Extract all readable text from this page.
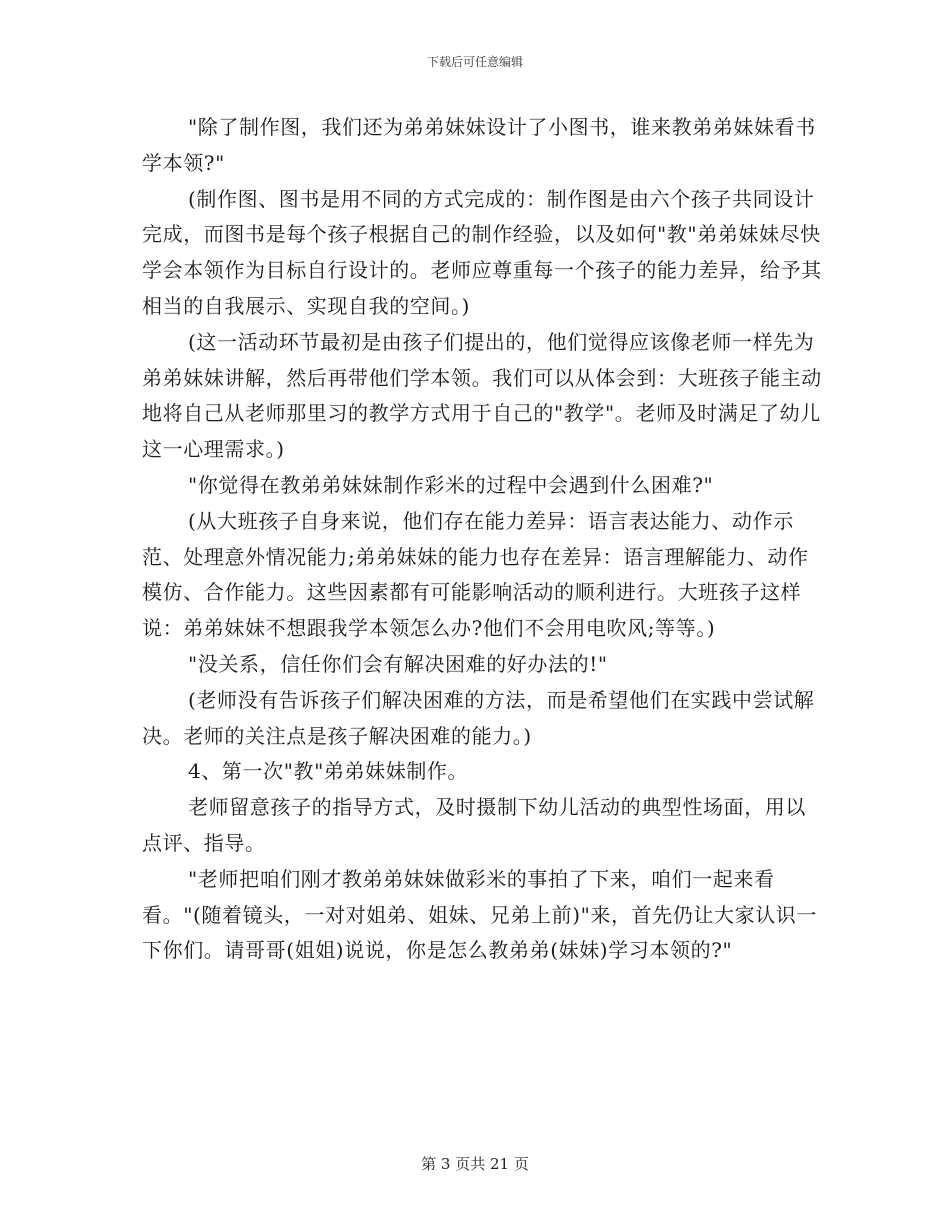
下载后可任意编辑

"除了制作图，我们还为弟弟妹妹设计了小图书，谁来教弟弟妹妹看书学本领?"

(制作图、图书是用不同的方式完成的：制作图是由六个孩子共同设计完成，而图书是每个孩子根据自己的制作经验，以及如何"教"弟弟妹妹尽快学会本领作为目标自行设计的。老师应尊重每一个孩子的能力差异，给予其相当的自我展示、实现自我的空间。)

(这一活动环节最初是由孩子们提出的，他们觉得应该像老师一样先为弟弟妹妹讲解，然后再带他们学本领。我们可以从体会到：大班孩子能主动地将自己从老师那里习的教学方式用于自己的"教学"。老师及时满足了幼儿这一心理需求。)

"你觉得在教弟弟妹妹制作彩米的过程中会遇到什么困难?"

(从大班孩子自身来说，他们存在能力差异：语言表达能力、动作示范、处理意外情况能力;弟弟妹妹的能力也存在差异：语言理解能力、动作模仿、合作能力。这些因素都有可能影响活动的顺利进行。大班孩子这样说：弟弟妹妹不想跟我学本领怎么办?他们不会用电吹风;等等。)

"没关系，信任你们会有解决困难的好办法的!"

(老师没有告诉孩子们解决困难的方法，而是希望他们在实践中尝试解决。老师的关注点是孩子解决困难的能力。)

4、第一次"教"弟弟妹妹制作。

老师留意孩子的指导方式，及时摄制下幼儿活动的典型性场面，用以点评、指导。

"老师把咱们刚才教弟弟妹妹做彩米的事拍了下来，咱们一起来看看。"(随着镜头，一对对姐弟、姐妹、兄弟上前)"来，首先仍让大家认识一下你们。请哥哥(姐姐)说说，你是怎么教弟弟(妹妹)学习本领的?"

第 3 页共 21 页
